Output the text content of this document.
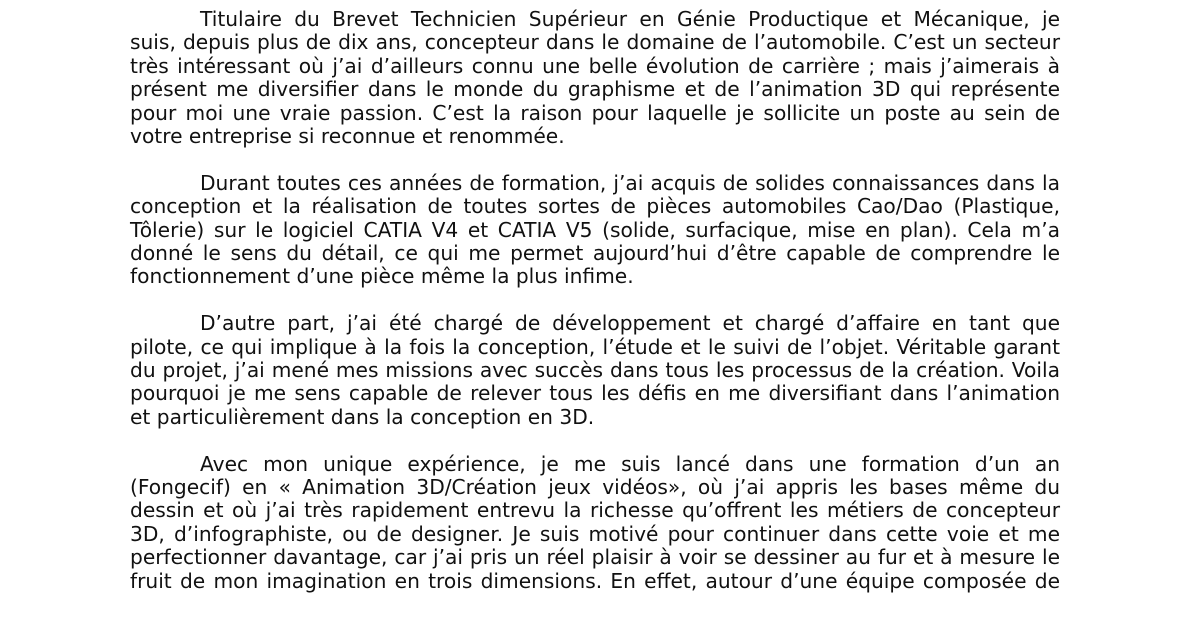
Titulaire du Brevet Technicien Supérieur en Génie Productique et Mécanique, je
suis, depuis plus de dix ans, concepteur dans le domaine de l’automobile. C’est un secteur
très intéressant où j’ai d’ailleurs connu une belle évolution de carrière ; mais j’aimerais à
présent me diversifier dans le monde du graphisme et de l’animation 3D qui représente
pour moi une vraie passion. C’est la raison pour laquelle je sollicite un poste au sein de
votre entreprise si reconnue et renommée.
Durant toutes ces années de formation, j’ai acquis de solides connaissances dans la
conception et la réalisation de toutes sortes de pièces automobiles Cao/Dao (Plastique,
Tôlerie) sur le logiciel CATIA V4 et CATIA V5 (solide, surfacique, mise en plan). Cela m’a
donné le sens du détail, ce qui me permet aujourd’hui d’être capable de comprendre le
fonctionnement d’une pièce même la plus infime.
D’autre part, j’ai été chargé de développement et chargé d’affaire en tant que
pilote, ce qui implique à la fois la conception, l’étude et le suivi de l’objet. Véritable garant
du projet, j’ai mené mes missions avec succès dans tous les processus de la création. Voila
pourquoi je me sens capable de relever tous les défis en me diversifiant dans l’animation
et particulièrement dans la conception en 3D.
Avec mon unique expérience, je me suis lancé dans une formation d’un an
(Fongecif) en « Animation 3D/Création jeux vidéos», où j’ai appris les bases même du
dessin et où j’ai très rapidement entrevu la richesse qu’offrent les métiers de concepteur
3D, d’infographiste, ou de designer. Je suis motivé pour continuer dans cette voie et me
perfectionner davantage, car j’ai pris un réel plaisir à voir se dessiner au fur et à mesure le
fruit de mon imagination en trois dimensions. En effet, autour d’une équipe composée de
